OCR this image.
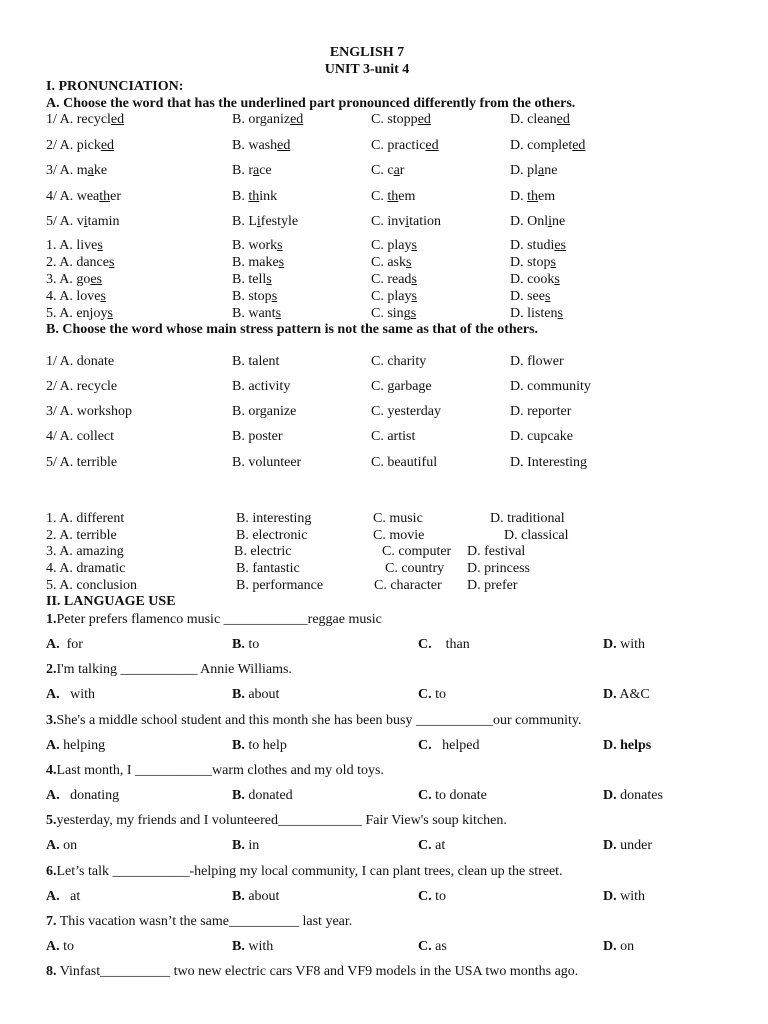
ENGLISH 7
UNIT 3-unit 4
I. PRONUNCIATION:
A. Choose the word that has the underlined part pronounced differently from the others.
1/ A. recycled	B. organized	C. stopped	D. cleaned
2/ A. picked	B. washed	C. practiced	D. completed
3/ A. make	B. race	C. car	D. plane
4/ A. weather	B. think	C. them	D. them
5/ A. vitamin	B. Lifestyle	C. invitation	D. Online
1. A. lives	B. works	C. plays	D. studies
2. A. dances	B. makes	C. asks	D. stops
3. A. goes	B. tells	C. reads	D. cooks
4. A. loves	B. stops	C. plays	D. sees
5. A. enjoys	B. wants	C. sings	D. listens
B. Choose the word whose main stress pattern is not the same as that of the others.
1/ A. donate	B. talent	C. charity	D. flower
2/ A. recycle	B. activity	C. garbage	D. community
3/ A. workshop	B. organize	C. yesterday	D. reporter
4/ A. collect	B. poster	C. artist	D. cupcake
5/ A. terrible	B. volunteer	C. beautiful	D. Interesting
1. A. different	B. interesting	C. music	D. traditional
2. A. terrible	B. electronic	C. movie	D. classical
3. A. amazing	B. electric	C. computer D. festival
4. A. dramatic	B. fantastic	C. country D. princess
5. A. conclusion	B. performance	C. character D. prefer
II. LANGUAGE USE
1.Peter prefers flamenco music ____________reggae music
A.  for	B. to	C.    than	D. with
2.I'm talking ___________ Annie Williams.
A.   with	B. about	C. to	D. A&C
3.She's a middle school student and this month she has been busy ___________our community.
A. helping	B. to help	C.   helped	D. helps
4.Last month, I ___________warm clothes and my old toys.
A.   donating	B. donated	C. to donate	D. donates
5.yesterday, my friends and I volunteered____________ Fair View's soup kitchen.
A. on	B. in	C. at	D. under
6.Let’s talk ___________-helping my local community, I can plant trees, clean up the street.
A.   at	B. about	C. to	D. with
7. This vacation wasn’t the same__________ last year.
A. to	B. with	C. as	D. on
8. Vinfast__________ two new electric cars VF8 and VF9 models in the USA two months ago.
